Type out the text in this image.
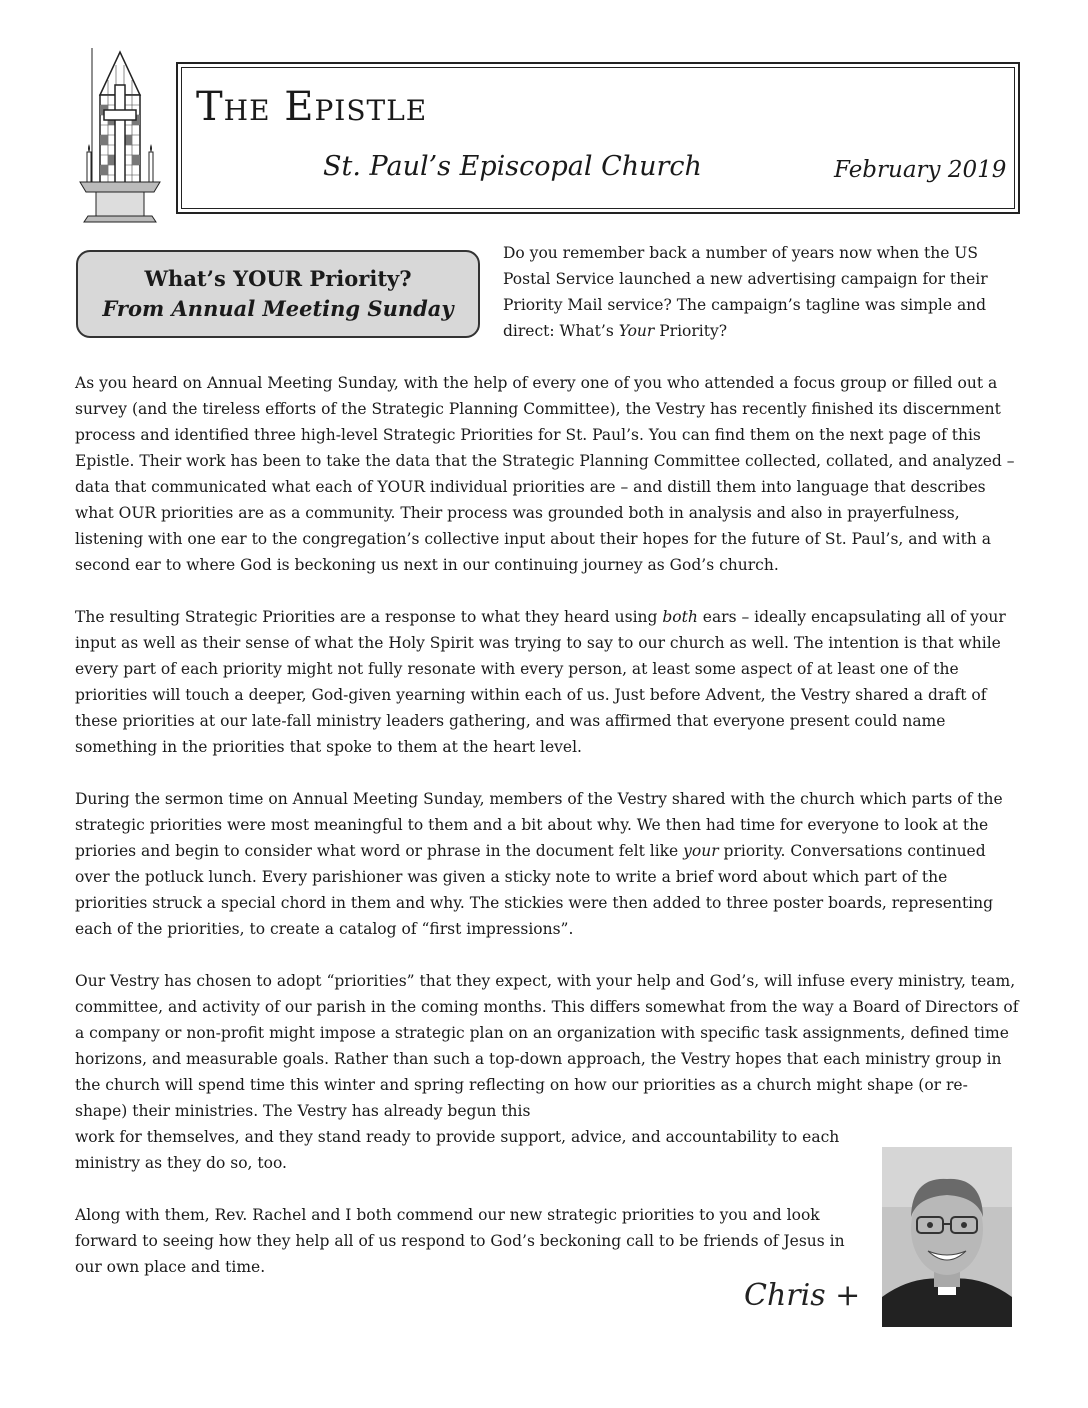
The Epistle
St. Paul’s Episcopal Church	February 2019
What’s YOUR Priority?
From Annual Meeting Sunday
Do you remember back a number of years now when the US Postal Service launched a new advertising campaign for their Priority Mail service? The campaign’s tagline was simple and direct: What’s Your Priority?

As you heard on Annual Meeting Sunday, with the help of every one of you who attended a focus group or filled out a survey (and the tireless efforts of the Strategic Planning Committee), the Vestry has recently finished its discernment process and identified three high-level Strategic Priorities for St. Paul’s. You can find them on the next page of this Epistle. Their work has been to take the data that the Strategic Planning Committee collected, collated, and analyzed – data that communicated what each of YOUR individual priorities are – and distill them into language that describes what OUR priorities are as a community. Their process was grounded both in analysis and also in prayerfulness, listening with one ear to the congregation’s collective input about their hopes for the future of St. Paul’s, and with a second ear to where God is beckoning us next in our continuing journey as God’s church.

The resulting Strategic Priorities are a response to what they heard using both ears – ideally encapsulating all of your input as well as their sense of what the Holy Spirit was trying to say to our church as well. The intention is that while every part of each priority might not fully resonate with every person, at least some aspect of at least one of the priorities will touch a deeper, God-given yearning within each of us. Just before Advent, the Vestry shared a draft of these priorities at our late-fall ministry leaders gathering, and was affirmed that everyone present could name something in the priorities that spoke to them at the heart level.

During the sermon time on Annual Meeting Sunday, members of the Vestry shared with the church which parts of the strategic priorities were most meaningful to them and a bit about why. We then had time for everyone to look at the priories and begin to consider what word or phrase in the document felt like your priority. Conversations continued over the potluck lunch. Every parishioner was given a sticky note to write a brief word about which part of the priorities struck a special chord in them and why. The stickies were then added to three poster boards, representing each of the priorities, to create a catalog of “first impressions”.

Our Vestry has chosen to adopt “priorities” that they expect, with your help and God’s, will infuse every ministry, team, committee, and activity of our parish in the coming months. This differs somewhat from the way a Board of Directors of a company or non-profit might impose a strategic plan on an organization with specific task assignments, defined time horizons, and measurable goals. Rather than such a top-down approach, the Vestry hopes that each ministry group in the church will spend time this winter and spring reflecting on how our priorities as a church might shape (or re-shape) their ministries. The Vestry has already begun this
work for themselves, and they stand ready to provide support, advice, and accountability to each ministry as they do so, too.

Along with them, Rev. Rachel and I both commend our new strategic priorities to you and look forward to seeing how they help all of us respond to God’s beckoning call to be friends of Jesus in our own place and time.

Chris +
